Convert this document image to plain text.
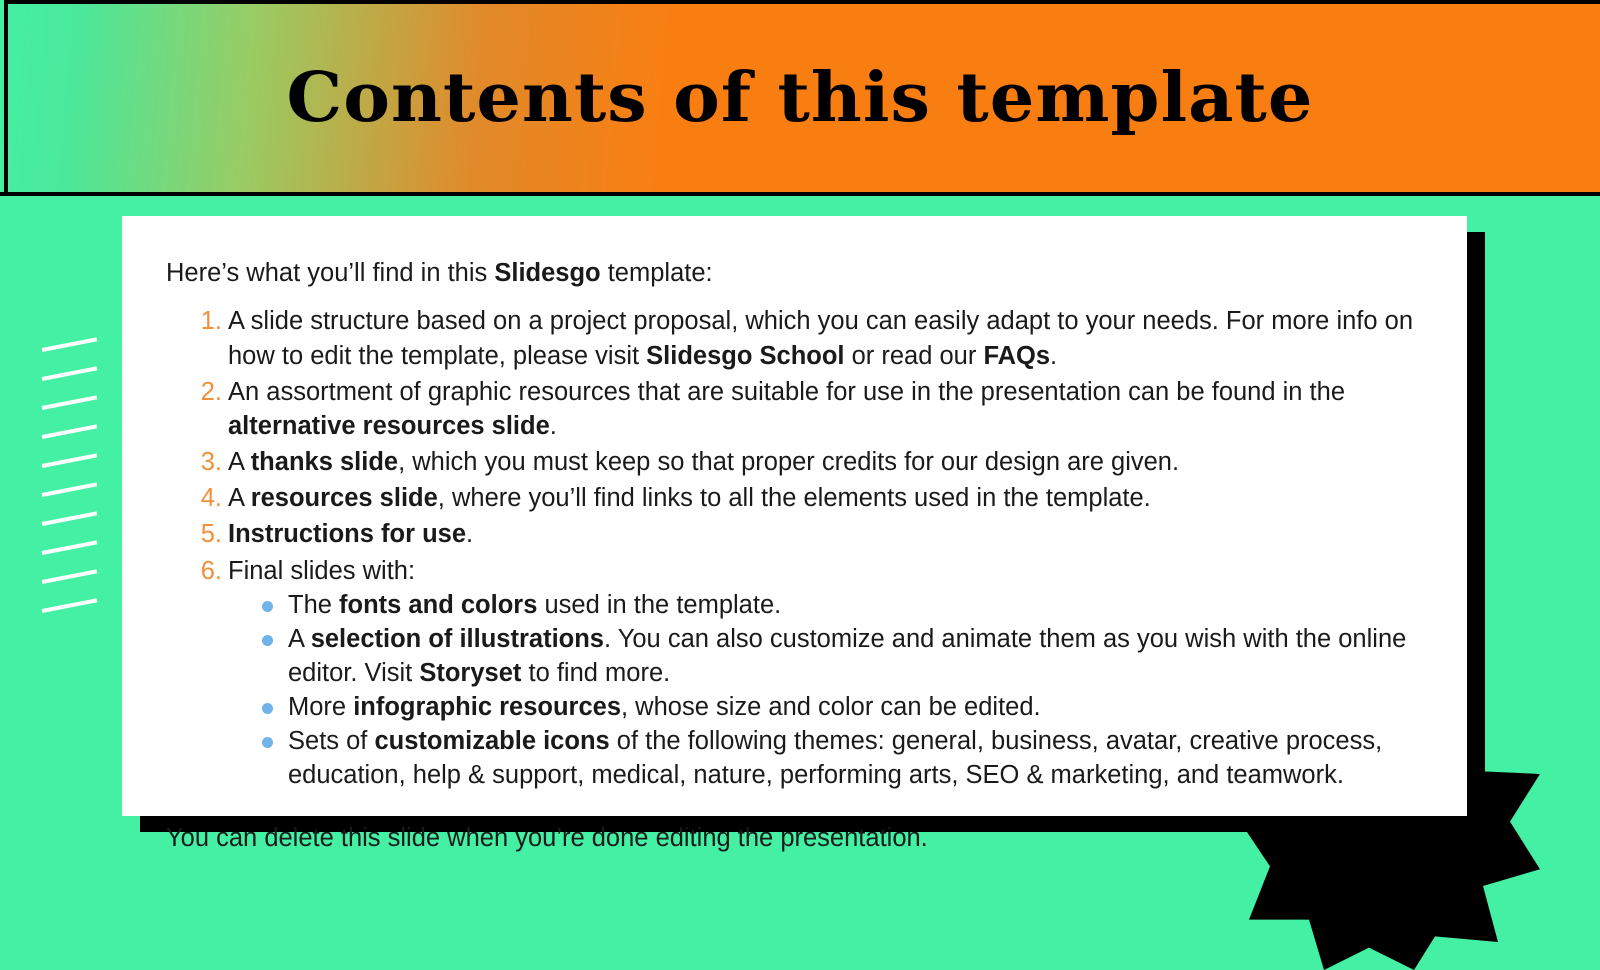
Contents of this template

Here’s what you’ll find in this Slidesgo template:

A slide structure based on a project proposal, which you can easily adapt to your needs. For more info on how to edit the template, please visit Slidesgo School or read our FAQs.
An assortment of graphic resources that are suitable for use in the presentation can be found in the alternative resources slide.
A thanks slide, which you must keep so that proper credits for our design are given.
A resources slide, where you’ll find links to all the elements used in the template.
Instructions for use.
Final slides with:
The fonts and colors used in the template.
A selection of illustrations. You can also customize and animate them as you wish with the online editor. Visit Storyset to find more.
More infographic resources, whose size and color can be edited.
Sets of customizable icons of the following themes: general, business, avatar, creative process, education, help & support, medical, nature, performing arts, SEO & marketing, and teamwork.

You can delete this slide when you’re done editing the presentation.
